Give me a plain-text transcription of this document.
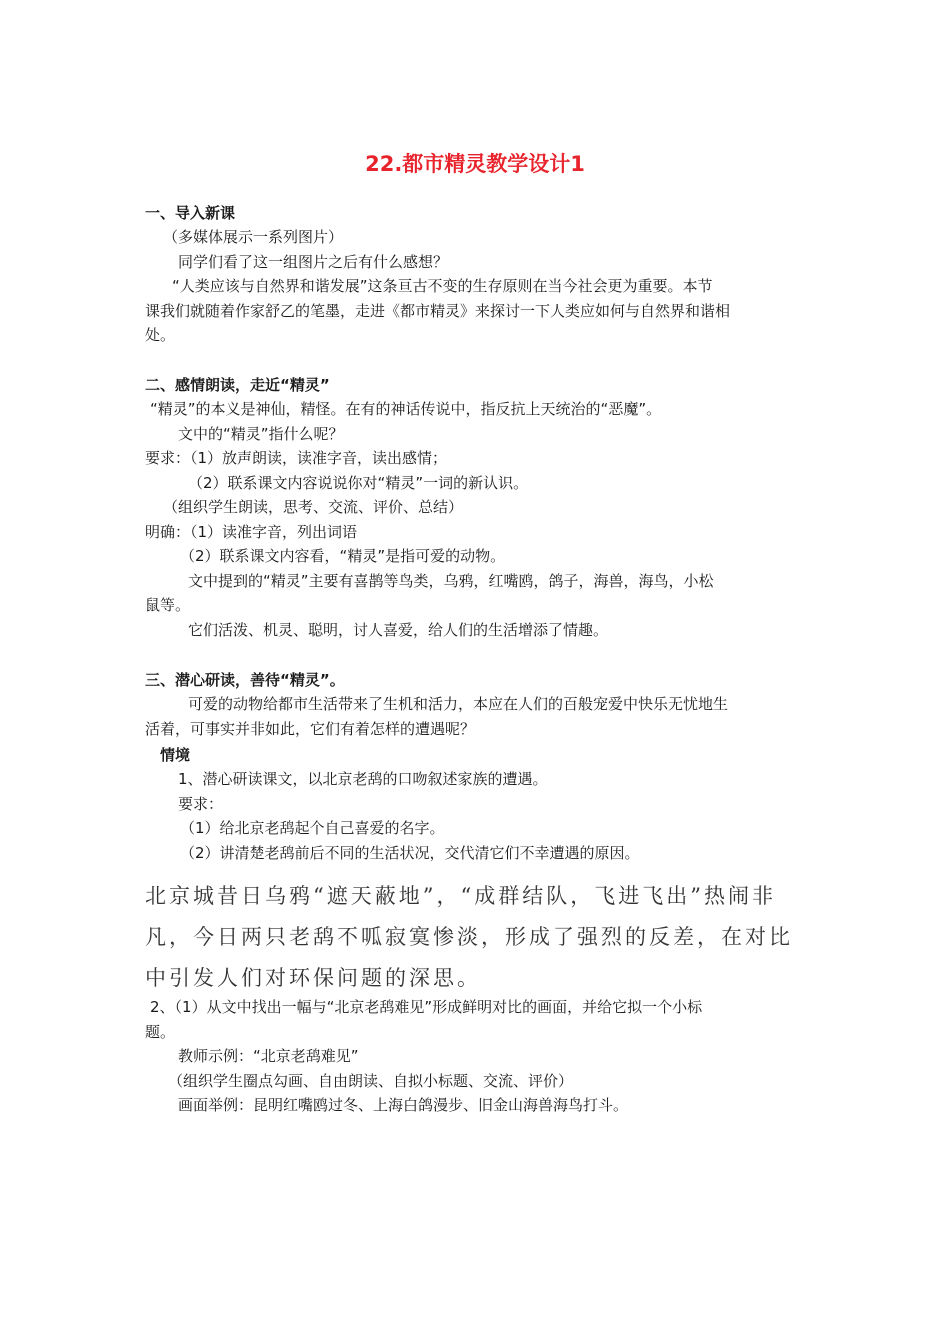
22.都市精灵教学设计1
一、导入新课
（多媒体展示一系列图片）
同学们看了这一组图片之后有什么感想？
“人类应该与自然界和谐发展”这条亘古不变的生存原则在当今社会更为重要。本节
课我们就随着作家舒乙的笔墨，走进《都市精灵》来探讨一下人类应如何与自然界和谐相
处。
二、感情朗读，走近“精灵”
“精灵”的本义是神仙，精怪。在有的神话传说中，指反抗上天统治的“恶魔”。
文中的“精灵”指什么呢？
要求：（1）放声朗读，读准字音，读出感情；
（2）联系课文内容说说你对“精灵”一词的新认识。
（组织学生朗读，思考、交流、评价、总结）
明确：（1）读准字音，列出词语
（2）联系课文内容看，“精灵”是指可爱的动物。
文中提到的“精灵”主要有喜鹊等鸟类，乌鸦，红嘴鸥，鸽子，海兽，海鸟，小松
鼠等。
它们活泼、机灵、聪明，讨人喜爱，给人们的生活增添了情趣。
三、潜心研读，善待“精灵”。
可爱的动物给都市生活带来了生机和活力，本应在人们的百般宠爱中快乐无忧地生
活着，可事实并非如此，它们有着怎样的遭遇呢？
情境
1、潜心研读课文，以北京老鸹的口吻叙述家族的遭遇。
要求：
（1）给北京老鸹起个自己喜爱的名字。
（2）讲清楚老鸹前后不同的生活状况，交代清它们不幸遭遇的原因。
北京城昔日乌鸦“遮天蔽地”，“成群结队，飞进飞出”热闹非凡，今日两只老鸹不呱寂寞惨淡，形成了强烈的反差，在对比中引发人们对环保问题的深思。
2、（1）从文中找出一幅与“北京老鸹难见”形成鲜明对比的画面，并给它拟一个小标
题。
教师示例：“北京老鸹难见”
（组织学生圈点勾画、自由朗读、自拟小标题、交流、评价）
画面举例：昆明红嘴鸥过冬、上海白鸽漫步、旧金山海兽海鸟打斗。
